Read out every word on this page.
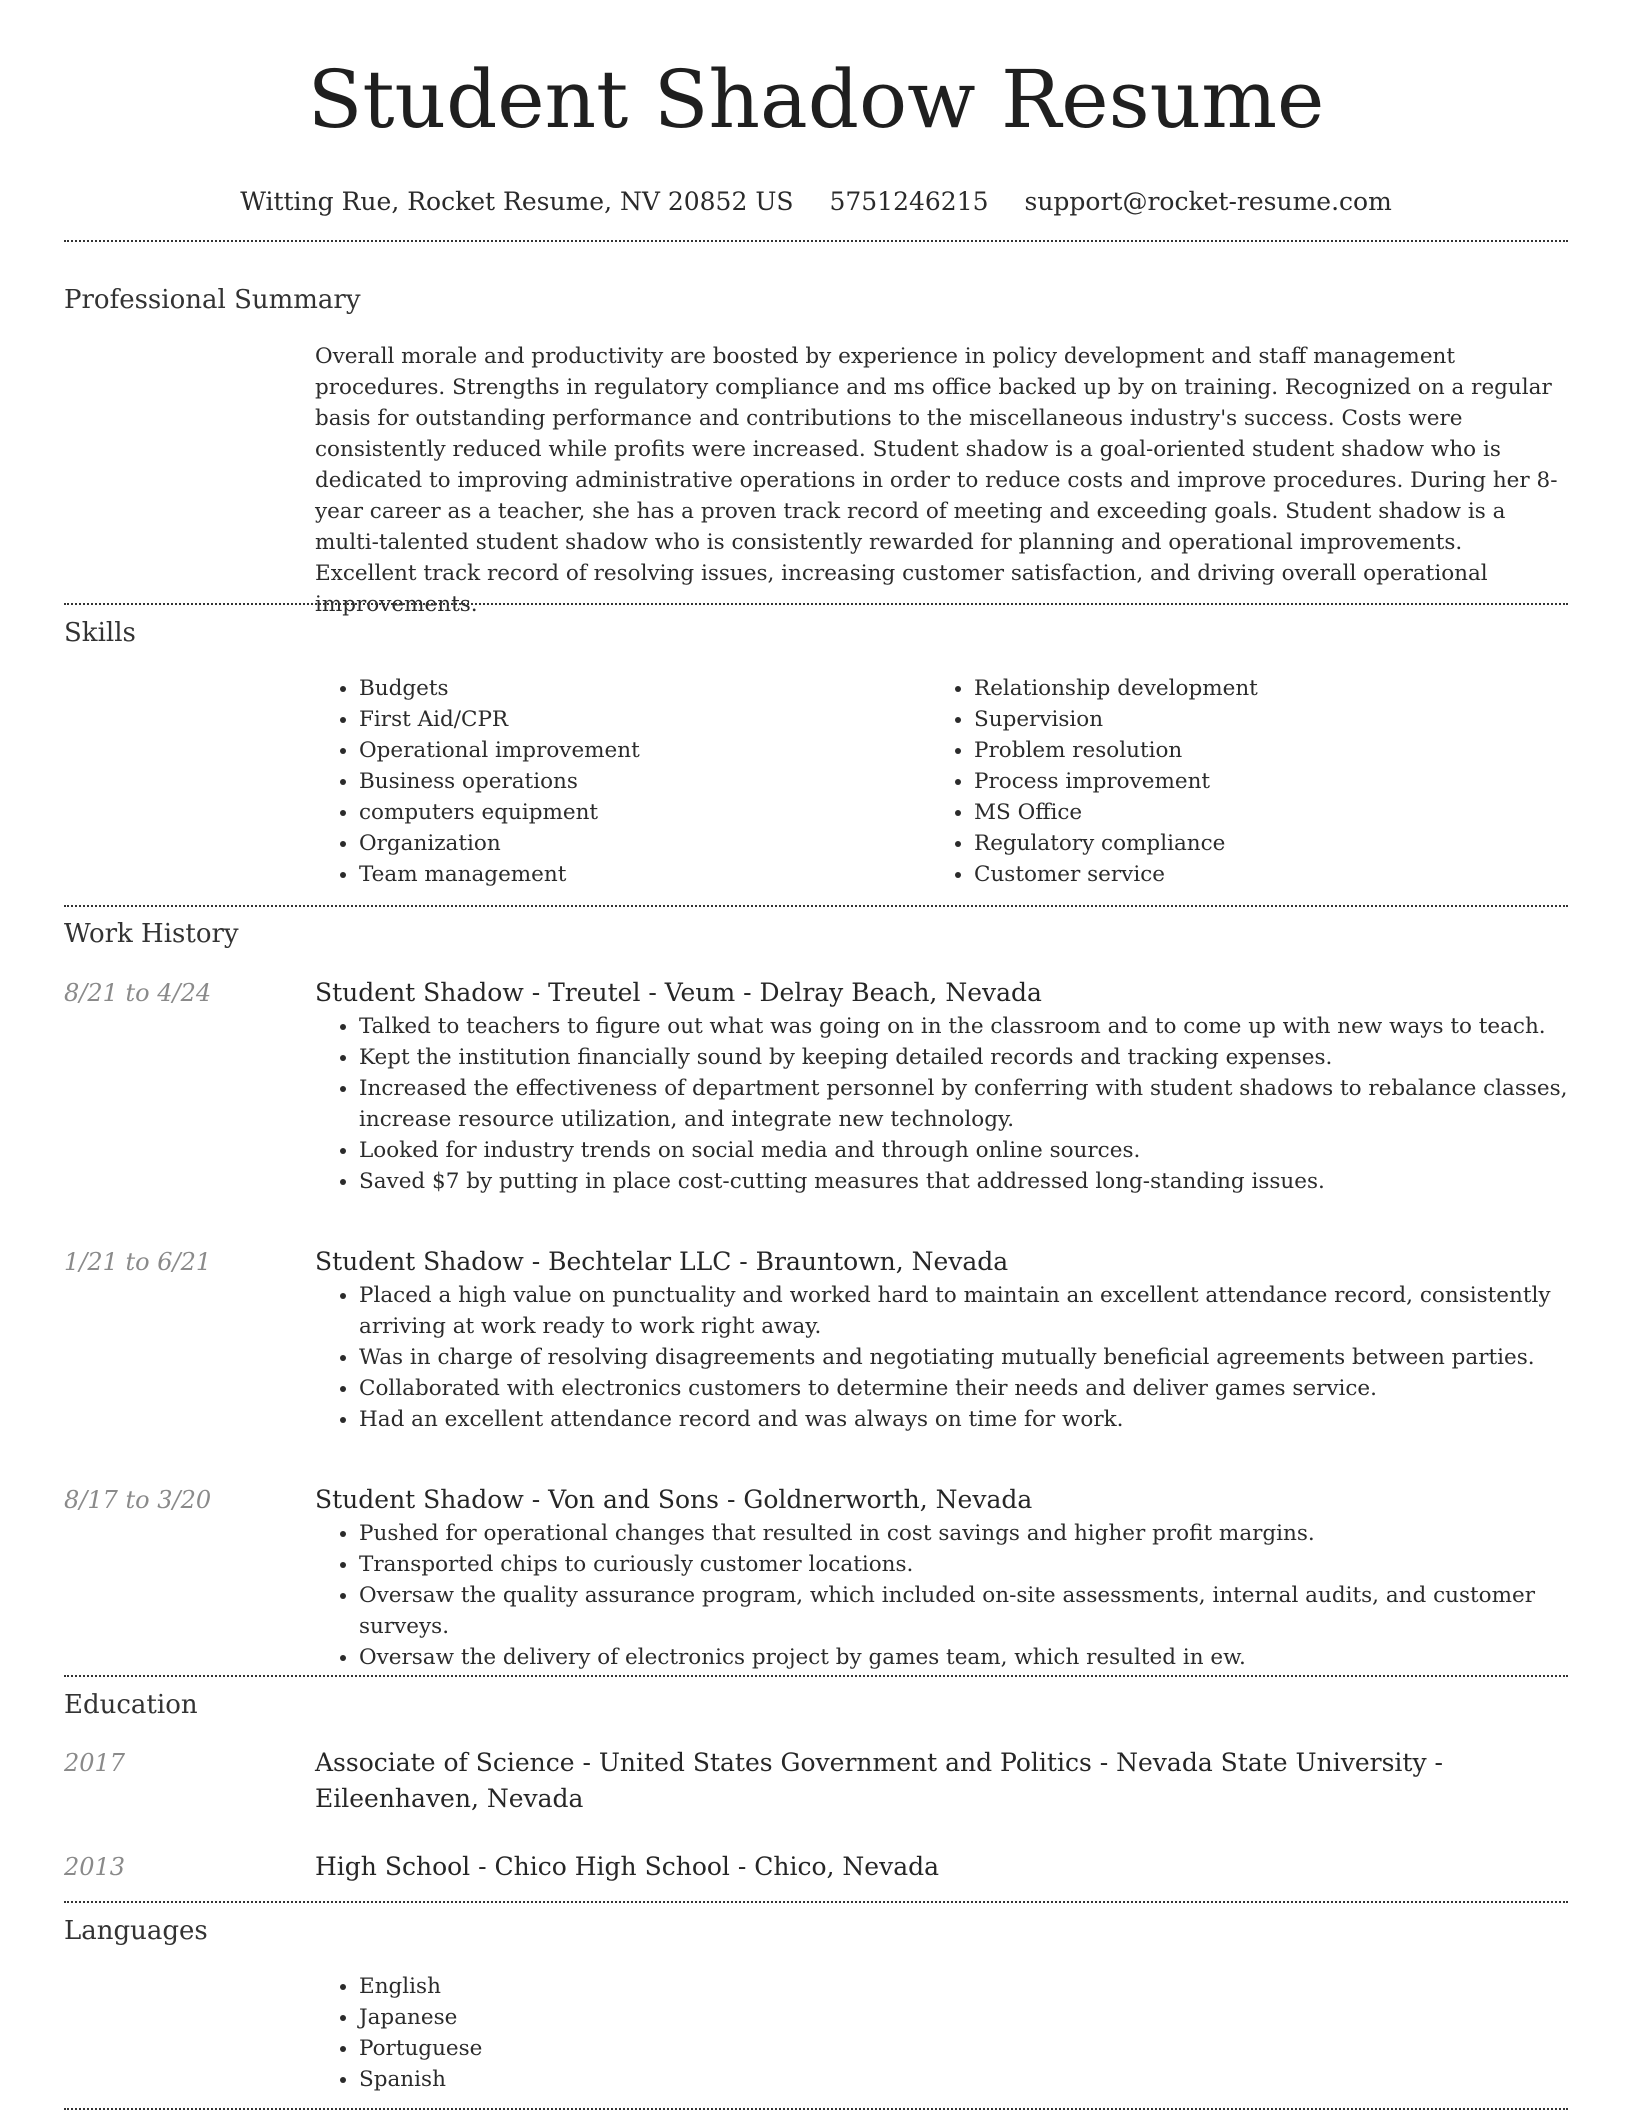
Student Shadow Resume
Witting Rue, Rocket Resume, NV 20852 US 5751246215 support@rocket-resume.com
Professional Summary
Overall morale and productivity are boosted by experience in policy development and staff management procedures. Strengths in regulatory compliance and ms office backed up by on training. Recognized on a regular basis for outstanding performance and contributions to the miscellaneous industry's success. Costs were consistently reduced while profits were increased. Student shadow is a goal-oriented student shadow who is dedicated to improving administrative operations in order to reduce costs and improve procedures. During her 8-year career as a teacher, she has a proven track record of meeting and exceeding goals. Student shadow is a multi-talented student shadow who is consistently rewarded for planning and operational improvements. Excellent track record of resolving issues, increasing customer satisfaction, and driving overall operational improvements.
Skills
• Budgets
• First Aid/CPR
• Operational improvement
• Business operations
• computers equipment
• Organization
• Team management
• Relationship development
• Supervision
• Problem resolution
• Process improvement
• MS Office
• Regulatory compliance
• Customer service
Work History
8/21 to 4/24	Student Shadow - Treutel - Veum - Delray Beach, Nevada
• Talked to teachers to figure out what was going on in the classroom and to come up with new ways to teach.
• Kept the institution financially sound by keeping detailed records and tracking expenses.
• Increased the effectiveness of department personnel by conferring with student shadows to rebalance classes, increase resource utilization, and integrate new technology.
• Looked for industry trends on social media and through online sources.
• Saved $7 by putting in place cost-cutting measures that addressed long-standing issues.
1/21 to 6/21	Student Shadow - Bechtelar LLC - Brauntown, Nevada
• Placed a high value on punctuality and worked hard to maintain an excellent attendance record, consistently arriving at work ready to work right away.
• Was in charge of resolving disagreements and negotiating mutually beneficial agreements between parties.
• Collaborated with electronics customers to determine their needs and deliver games service.
• Had an excellent attendance record and was always on time for work.
8/17 to 3/20	Student Shadow - Von and Sons - Goldnerworth, Nevada
• Pushed for operational changes that resulted in cost savings and higher profit margins.
• Transported chips to curiously customer locations.
• Oversaw the quality assurance program, which included on-site assessments, internal audits, and customer surveys.
• Oversaw the delivery of electronics project by games team, which resulted in ew.
Education
2017	Associate of Science - United States Government and Politics - Nevada State University - Eileenhaven, Nevada
2013	High School - Chico High School - Chico, Nevada
Languages
• English
• Japanese
• Portuguese
• Spanish
